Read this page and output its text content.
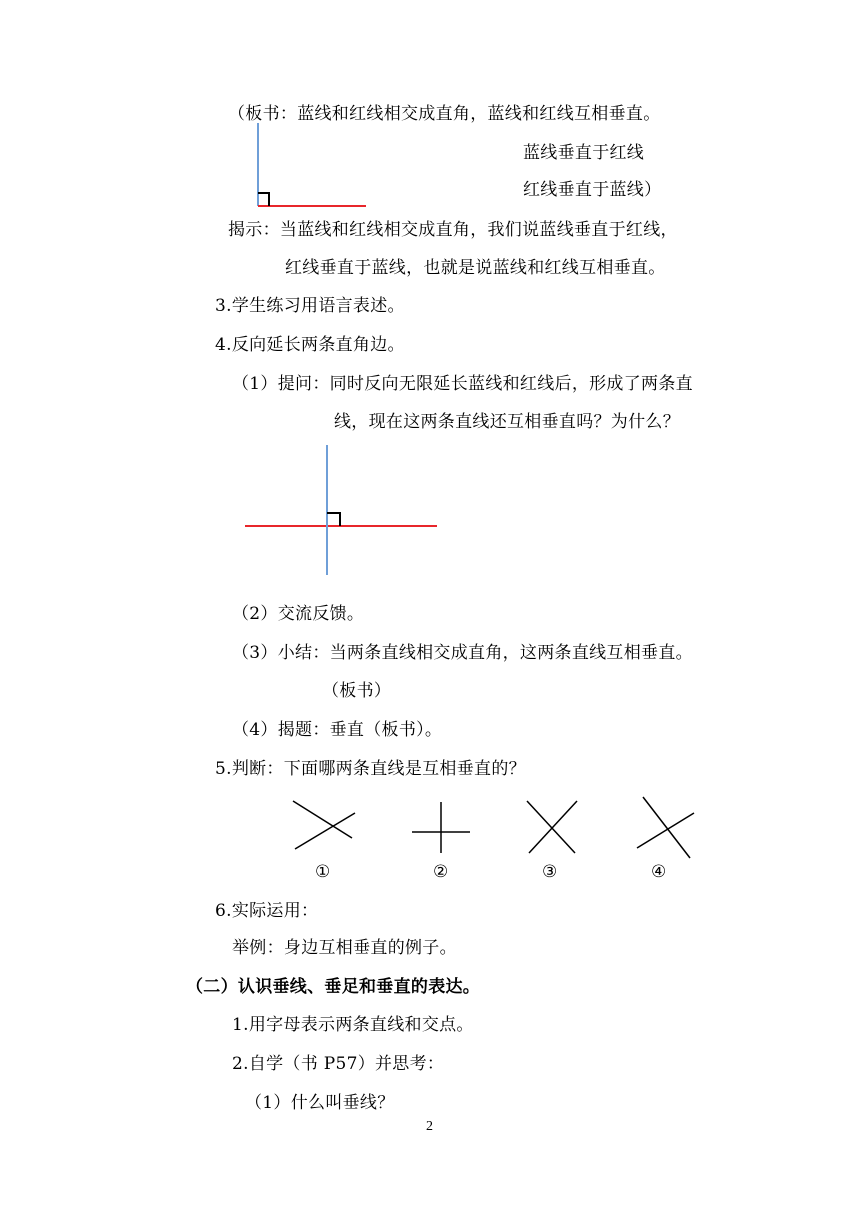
（板书：蓝线和红线相交成直角，蓝线和红线互相垂直。
蓝线垂直于红线
红线垂直于蓝线）
揭示：当蓝线和红线相交成直角，我们说蓝线垂直于红线，
红线垂直于蓝线，也就是说蓝线和红线互相垂直。
3.学生练习用语言表述。
4.反向延长两条直角边。
（1）提问：同时反向无限延长蓝线和红线后，形成了两条直
线，现在这两条直线还互相垂直吗？为什么？
（2）交流反馈。
（3）小结：当两条直线相交成直角，这两条直线互相垂直。
（板书）
（4）揭题：垂直（板书）。
5.判断：下面哪两条直线是互相垂直的？
6.实际运用：
举例：身边互相垂直的例子。
（二）认识垂线、垂足和垂直的表达。
1.用字母表示两条直线和交点。
2.自学（书 P57）并思考：
（1）什么叫垂线？
①	②	③	④
2
